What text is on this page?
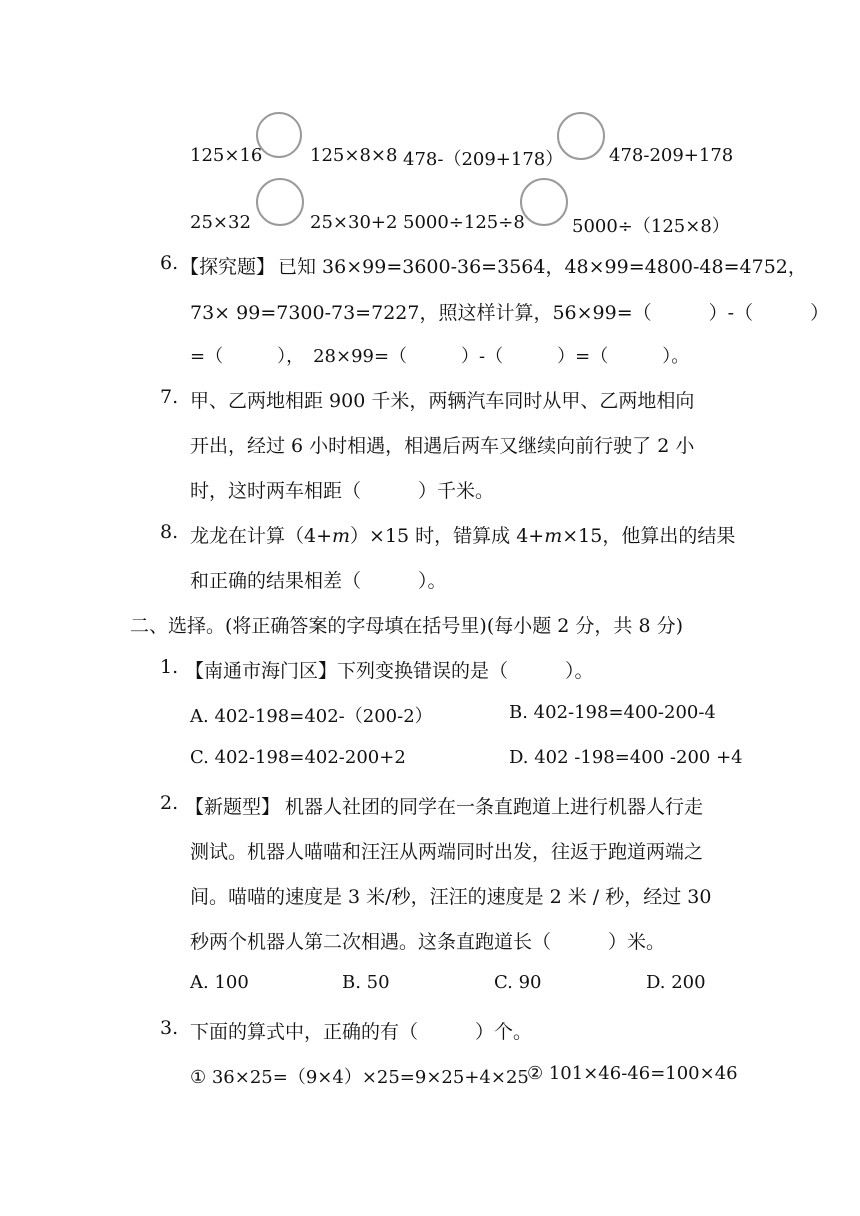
125×16	125×8×8 478-（209+178）	478-209+178
25×32	25×30+2 5000÷125÷8	5000÷（125×8）
6. 【探究题】 已知 36×99=3600-36=3564，48×99=4800-48=4752，
73× 99=7300-73=7227，照这样计算，56×99=（　　　）-（　　　）
=（　　　），　28×99=（　　　）-（　　　）=（　　　）。
7. 甲、乙两地相距 900 千米，两辆汽车同时从甲、乙两地相向
开出，经过 6 小时相遇，相遇后两车又继续向前行驶了 2 小
时，这时两车相距（　　　）千米。
8. 龙龙在计算（4+m）×15 时，错算成 4+m×15，他算出的结果
和正确的结果相差（　　　）。
二、选择。(将正确答案的字母填在括号里)(每小题 2 分，共 8 分)
1. 【南通市海门区】下列变换错误的是（　　　）。
A. 402-198=402-（200-2）	B. 402-198=400-200-4
C. 402-198=402-200+2	D. 402 -198=400 -200 +4
2. 【新题型】 机器人社团的同学在一条直跑道上进行机器人行走
测试。机器人喵喵和汪汪从两端同时出发，往返于跑道两端之
间。喵喵的速度是 3 米/秒，汪汪的速度是 2 米 / 秒，经过 30
秒两个机器人第二次相遇。这条直跑道长（　　　）米。
A. 100	B. 50	C. 90	D. 200
3. 下面的算式中，正确的有（　　　）个。
① 36×25=（9×4）×25=9×25+4×25
② 101×46-46=100×46
